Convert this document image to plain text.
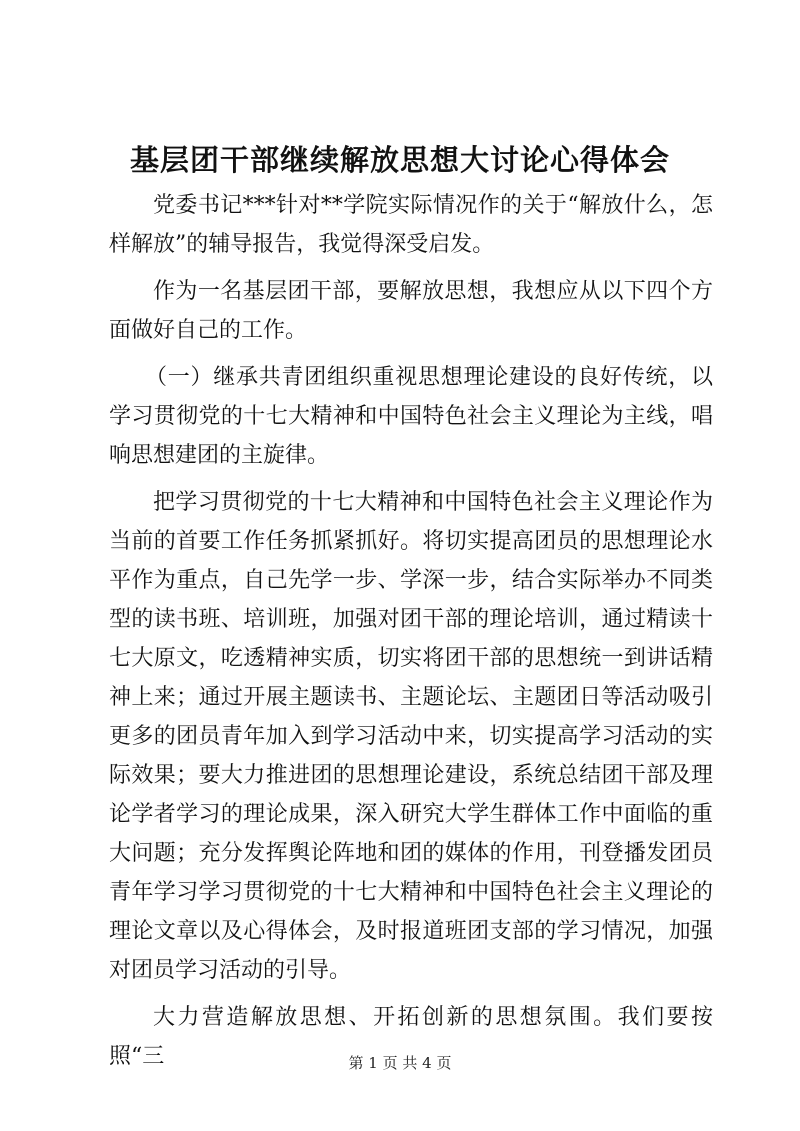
基层团干部继续解放思想大讨论心得体会

党委书记***针对**学院实际情况作的关于“解放什么，怎样解放”的辅导报告，我觉得深受启发。

作为一名基层团干部，要解放思想，我想应从以下四个方面做好自己的工作。

（一）继承共青团组织重视思想理论建设的良好传统，以学习贯彻党的十七大精神和中国特色社会主义理论为主线，唱响思想建团的主旋律。

把学习贯彻党的十七大精神和中国特色社会主义理论作为当前的首要工作任务抓紧抓好。将切实提高团员的思想理论水平作为重点，自己先学一步、学深一步，结合实际举办不同类型的读书班、培训班，加强对团干部的理论培训，通过精读十七大原文，吃透精神实质，切实将团干部的思想统一到讲话精神上来；通过开展主题读书、主题论坛、主题团日等活动吸引更多的团员青年加入到学习活动中来，切实提高学习活动的实际效果；要大力推进团的思想理论建设，系统总结团干部及理论学者学习的理论成果，深入研究大学生群体工作中面临的重大问题；充分发挥舆论阵地和团的媒体的作用，刊登播发团员青年学习学习贯彻党的十七大精神和中国特色社会主义理论的理论文章以及心得体会，及时报道班团支部的学习情况，加强对团员学习活动的引导。

大力营造解放思想、开拓创新的思想氛围。我们要按照“三	第 1 页 共 4 页
